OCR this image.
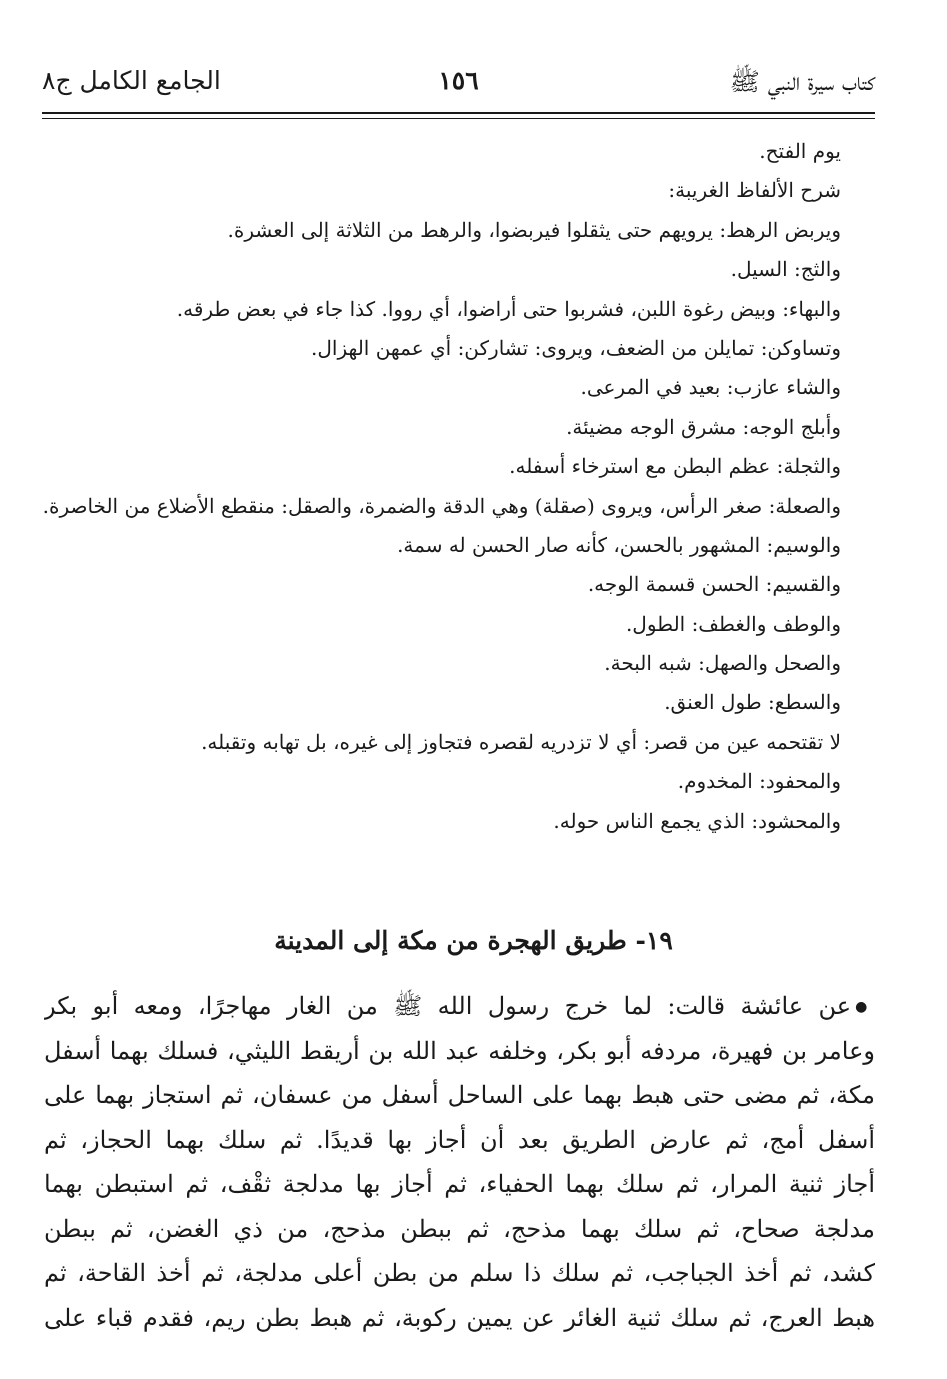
كتاب سيرة النبي ﷺ
١٥٦
الجامع الكامل ج٨
يوم الفتح.
شرح الألفاظ الغريبة:
ويربض الرهط: يرويهم حتى يثقلوا فيربضوا، والرهط من الثلاثة إلى العشرة.
والثج: السيل.
والبهاء: وبيض رغوة اللبن، فشربوا حتى أراضوا، أي رووا. كذا جاء في بعض طرقه.
وتساوكن: تمايلن من الضعف، ويروى: تشاركن: أي عمهن الهزال.
والشاء عازب: بعيد في المرعى.
وأبلج الوجه: مشرق الوجه مضيئة.
والثجلة: عظم البطن مع استرخاء أسفله.
والصعلة: صغر الرأس، ويروى (صقلة) وهي الدقة والضمرة، والصقل: منقطع الأضلاع من الخاصرة.
والوسيم: المشهور بالحسن، كأنه صار الحسن له سمة.
والقسيم: الحسن قسمة الوجه.
والوطف والغطف: الطول.
والصحل والصهل: شبه البحة.
والسطع: طول العنق.
لا تقتحمه عين من قصر: أي لا تزدريه لقصره فتجاوز إلى غيره، بل تهابه وتقبله.
والمحفود: المخدوم.
والمحشود: الذي يجمع الناس حوله.
١٩- طريق الهجرة من مكة إلى المدينة
●عن عائشة قالت: لما خرج رسول الله ﷺ من الغار مهاجرًا، ومعه أبو بكر
وعامر بن فهيرة، مردفه أبو بكر، وخلفه عبد الله بن أريقط الليثي، فسلك بهما أسفل
مكة، ثم مضى حتى هبط بهما على الساحل أسفل من عسفان، ثم استجاز بهما على
أسفل أمج، ثم عارض الطريق بعد أن أجاز بها قديدًا. ثم سلك بهما الحجاز، ثم
أجاز ثنية المرار، ثم سلك بهما الحفياء، ثم أجاز بها مدلجة ثقْف، ثم استبطن بهما
مدلجة صحاح، ثم سلك بهما مذحج، ثم ببطن مذحج، من ذي الغضن، ثم ببطن
كشد، ثم أخذ الجباجب، ثم سلك ذا سلم من بطن أعلى مدلجة، ثم أخذ القاحة، ثم
هبط العرج، ثم سلك ثنية الغائر عن يمين ركوبة، ثم هبط بطن ريم، فقدم قباء على
